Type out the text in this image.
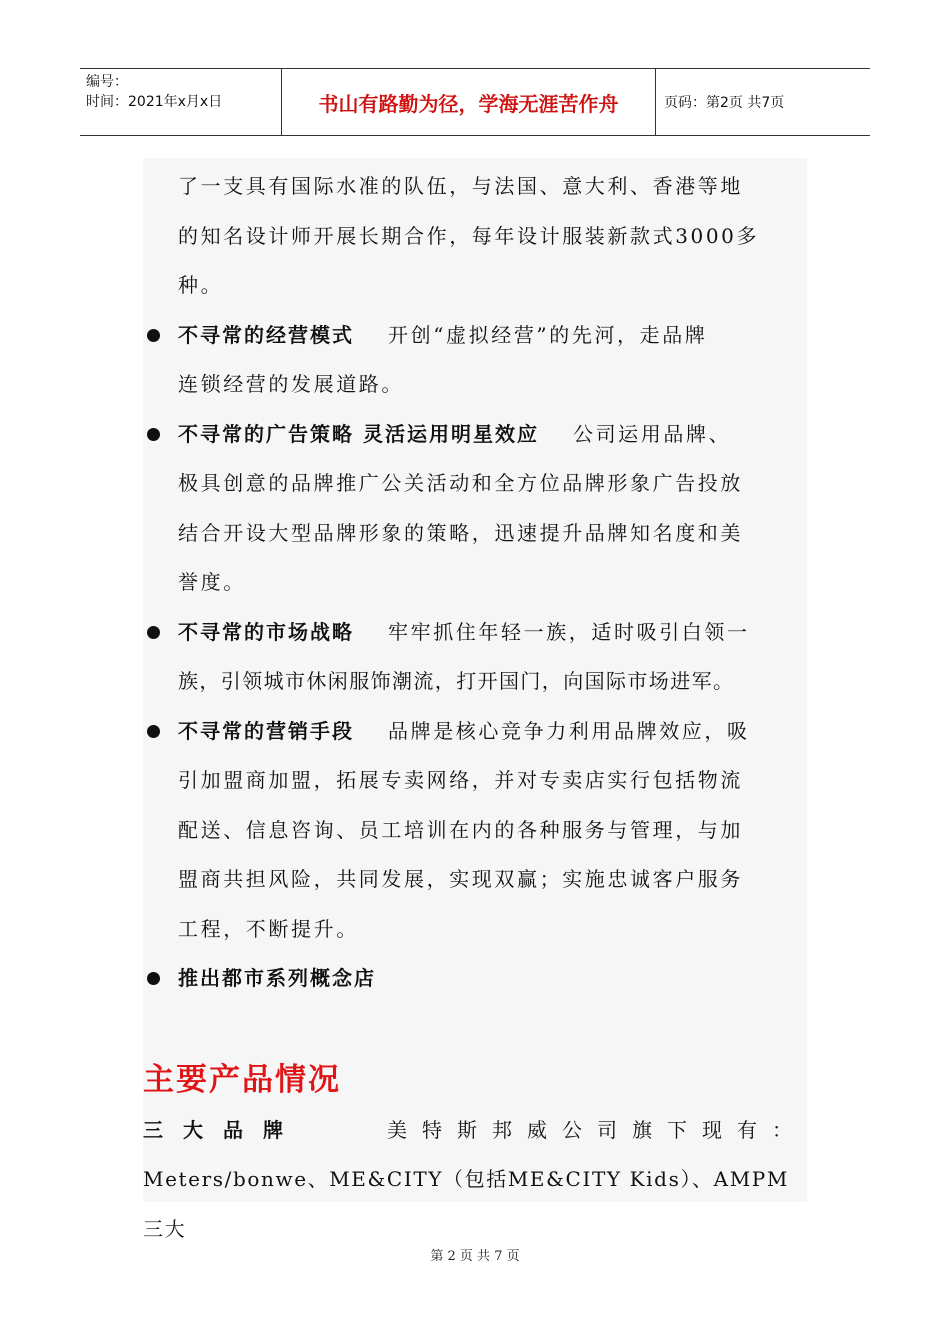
编号：
时间：2021年x月x日	书山有路勤为径，学海无涯苦作舟	页码：第2页 共7页

了一支具有国际水准的队伍，与法国、意大利、香港等地

的知名设计师开展长期合作，每年设计服装新款式3000多

种。

不寻常的经营模式 开创“虚拟经营”的先河，走品牌

连锁经营的发展道路。

不寻常的广告策略 灵活运用明星效应 公司运用品牌、

极具创意的品牌推广公关活动和全方位品牌形象广告投放

结合开设大型品牌形象的策略，迅速提升品牌知名度和美

誉度。

不寻常的市场战略 牢牢抓住年轻一族，适时吸引白领一

族，引领城市休闲服饰潮流，打开国门，向国际市场进军。

不寻常的营销手段 品牌是核心竞争力利用品牌效应，吸

引加盟商加盟，拓展专卖网络，并对专卖店实行包括物流

配送、信息咨询、员工培训在内的各种服务与管理，与加

盟商共担风险，共同发展，实现双赢；实施忠诚客户服务

工程，不断提升。

推出都市系列概念店

主要产品情况
三大品牌	美特斯邦威公司旗下现有：

Meters/bonwe、ME&CITY（包括ME&CITY Kids）、AMPM三大

第 2 页 共 7 页
